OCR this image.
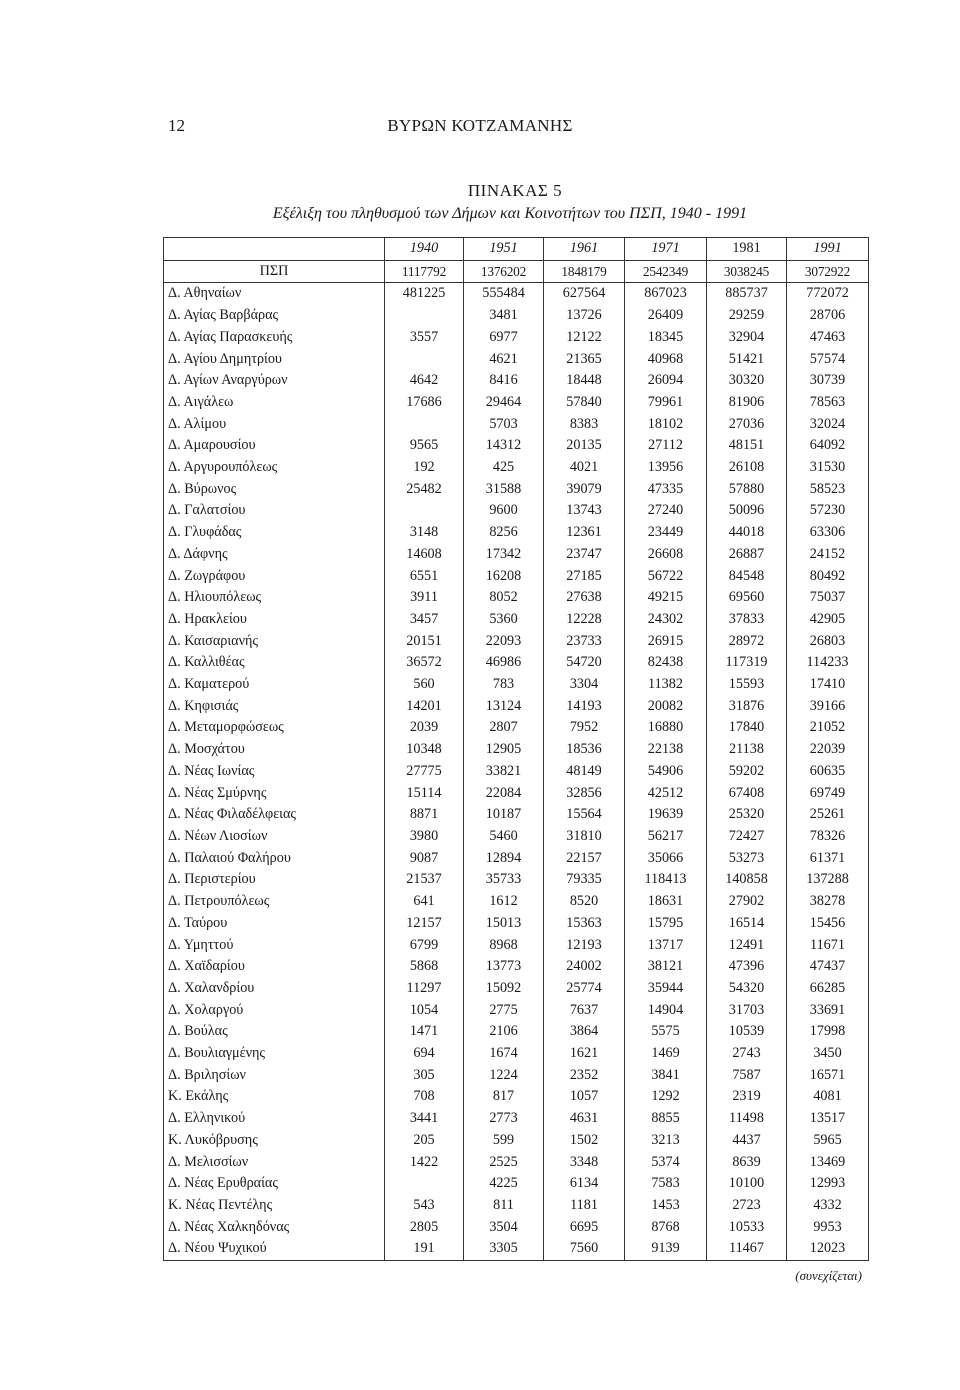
12	ΒΥΡΩΝ ΚΟΤΖΑΜΑΝΗΣ
ΠΙΝΑΚΑΣ 5
Εξέλιξη του πληθυσμού των Δήμων και Κοινοτήτων του ΠΣΠ, 1940 - 1991
	1940	1951	1961	1971	1981	1991
ΠΣΠ	1117792	1376202	1848179	2542349	3038245	3072922
Δ. Αθηναίων	481225	555484	627564	867023	885737	772072
Δ. Αγίας Βαρβάρας		3481	13726	26409	29259	28706
Δ. Αγίας Παρασκευής	3557	6977	12122	18345	32904	47463
Δ. Αγίου Δημητρίου		4621	21365	40968	51421	57574
Δ. Αγίων Αναργύρων	4642	8416	18448	26094	30320	30739
Δ. Αιγάλεω	17686	29464	57840	79961	81906	78563
Δ. Αλίμου		5703	8383	18102	27036	32024
Δ. Αμαρουσίου	9565	14312	20135	27112	48151	64092
Δ. Αργυρουπόλεως	192	425	4021	13956	26108	31530
Δ. Βύρωνος	25482	31588	39079	47335	57880	58523
Δ. Γαλατσίου		9600	13743	27240	50096	57230
Δ. Γλυφάδας	3148	8256	12361	23449	44018	63306
Δ. Δάφνης	14608	17342	23747	26608	26887	24152
Δ. Ζωγράφου	6551	16208	27185	56722	84548	80492
Δ. Ηλιουπόλεως	3911	8052	27638	49215	69560	75037
Δ. Ηρακλείου	3457	5360	12228	24302	37833	42905
Δ. Καισαριανής	20151	22093	23733	26915	28972	26803
Δ. Καλλιθέας	36572	46986	54720	82438	117319	114233
Δ. Καματερού	560	783	3304	11382	15593	17410
Δ. Κηφισιάς	14201	13124	14193	20082	31876	39166
Δ. Μεταμορφώσεως	2039	2807	7952	16880	17840	21052
Δ. Μοσχάτου	10348	12905	18536	22138	21138	22039
Δ. Νέας Ιωνίας	27775	33821	48149	54906	59202	60635
Δ. Νέας Σμύρνης	15114	22084	32856	42512	67408	69749
Δ. Νέας Φιλαδέλφειας	8871	10187	15564	19639	25320	25261
Δ. Νέων Λιοσίων	3980	5460	31810	56217	72427	78326
Δ. Παλαιού Φαλήρου	9087	12894	22157	35066	53273	61371
Δ. Περιστερίου	21537	35733	79335	118413	140858	137288
Δ. Πετρουπόλεως	641	1612	8520	18631	27902	38278
Δ. Ταύρου	12157	15013	15363	15795	16514	15456
Δ. Υμηττού	6799	8968	12193	13717	12491	11671
Δ. Χαϊδαρίου	5868	13773	24002	38121	47396	47437
Δ. Χαλανδρίου	11297	15092	25774	35944	54320	66285
Δ. Χολαργού	1054	2775	7637	14904	31703	33691
Δ. Βούλας	1471	2106	3864	5575	10539	17998
Δ. Βουλιαγμένης	694	1674	1621	1469	2743	3450
Δ. Βριλησίων	305	1224	2352	3841	7587	16571
Κ. Εκάλης	708	817	1057	1292	2319	4081
Δ. Ελληνικού	3441	2773	4631	8855	11498	13517
Κ. Λυκόβρυσης	205	599	1502	3213	4437	5965
Δ. Μελισσίων	1422	2525	3348	5374	8639	13469
Δ. Νέας Ερυθραίας		4225	6134	7583	10100	12993
Κ. Νέας Πεντέλης	543	811	1181	1453	2723	4332
Δ. Νέας Χαλκηδόνας	2805	3504	6695	8768	10533	9953
Δ. Νέου Ψυχικού	191	3305	7560	9139	11467	12023
(συνεχίζεται)
